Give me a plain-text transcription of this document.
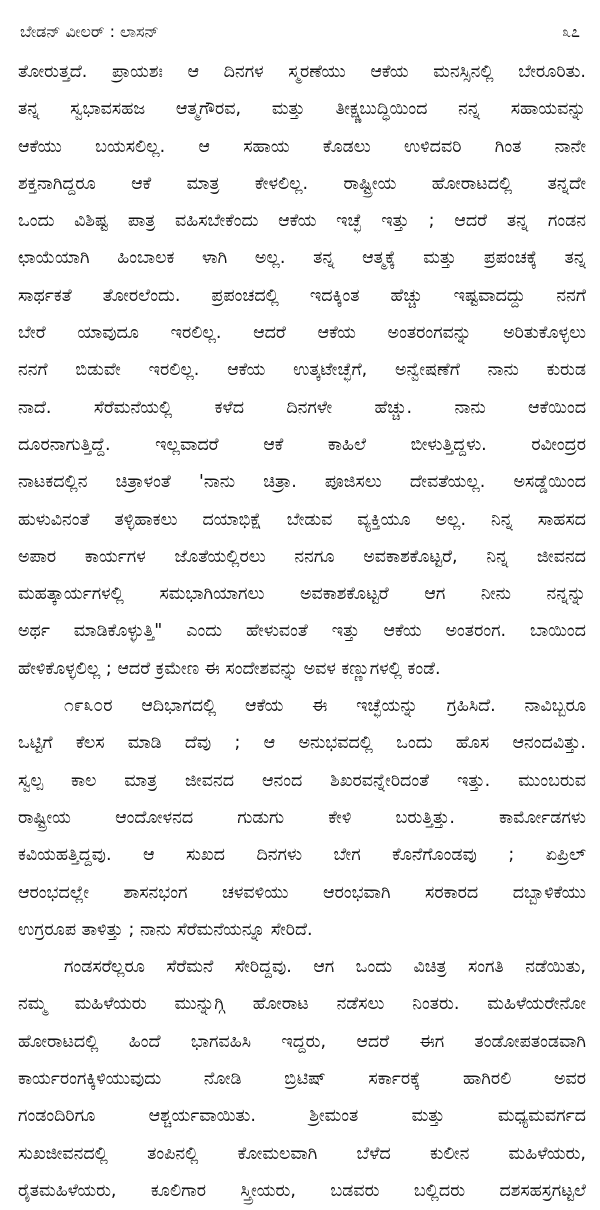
ಬೇಡನ್ ವೀಲರ್ : ಲಾಸನ್	೩೭
ತೋರುತ್ತದೆ. ಪ್ರಾಯಶಃ ಆ ದಿನಗಳ ಸ್ಮರಣೆಯು ಆಕೆಯ ಮನಸ್ಸಿನಲ್ಲಿ ಬೇರೂರಿತು.
ತನ್ನ ಸ್ವಭಾವಸಹಜ ಆತ್ಮಗೌರವ, ಮತ್ತು ತೀಕ್ಷ್ಣಬುದ್ಧಿಯಿಂದ ನನ್ನ ಸಹಾಯವನ್ನು
ಆಕೆಯು ಬಯಸಲಿಲ್ಲ. ಆ ಸಹಾಯ ಕೊಡಲು ಉಳಿದವರಿ ಗಿಂತ ನಾನೇ
ಶಕ್ತನಾಗಿದ್ದರೂ ಆಕೆ ಮಾತ್ರ ಕೇಳಲಿಲ್ಲ. ರಾಷ್ಟ್ರೀಯ ಹೋರಾಟದಲ್ಲಿ ತನ್ನದೇ
ಒಂದು ವಿಶಿಷ್ಟ ಪಾತ್ರ ವಹಿಸಬೇಕೆಂದು ಆಕೆಯ ಇಚ್ಛೆ ಇತ್ತು ; ಆದರೆ ತನ್ನ ಗಂಡನ
ಛಾಯೆಯಾಗಿ ಹಿಂಬಾಲಕ ಳಾಗಿ ಅಲ್ಲ. ತನ್ನ ಆತ್ಮಕ್ಕೆ ಮತ್ತು ಪ್ರಪಂಚಕ್ಕೆ ತನ್ನ
ಸಾರ್ಥಕತೆ ತೋರಲೆಂದು. ಪ್ರಪಂಚದಲ್ಲಿ ಇದಕ್ಕಿಂತ ಹೆಚ್ಚು ಇಷ್ಟವಾದದ್ದು ನನಗೆ
ಬೇರೆ ಯಾವುದೂ ಇರಲಿಲ್ಲ. ಆದರೆ ಆಕೆಯ ಅಂತರಂಗವನ್ನು ಅರಿತುಕೊಳ್ಳಲು
ನನಗೆ ಬಿಡುವೇ ಇರಲಿಲ್ಲ. ಆಕೆಯ ಉತ್ಕಟೇಚ್ಛೆಗೆ, ಅನ್ವೇಷಣೆಗೆ ನಾನು ಕುರುಡ
ನಾದೆ. ಸೆರೆಮನೆಯಲ್ಲಿ ಕಳೆದ ದಿನಗಳೇ ಹೆಚ್ಚು. ನಾನು ಆಕೆಯಿಂದ
ದೂರನಾಗುತ್ತಿದ್ದೆ. ಇಲ್ಲವಾದರೆ ಆಕೆ ಕಾಹಿಲೆ ಬೀಳುತ್ತಿದ್ದಳು. ರವೀಂದ್ರರ
ನಾಟಕದಲ್ಲಿನ ಚಿತ್ರಾಳಂತೆ 'ನಾನು ಚಿತ್ರಾ. ಪೂಜಿಸಲು ದೇವತೆಯಲ್ಲ. ಅಸಡ್ಡೆಯಿಂದ
ಹುಳುವಿನಂತೆ ತಳ್ಳಿಹಾಕಲು ದಯಾಭಿಕ್ಷೆ ಬೇಡುವ ವ್ಯಕ್ತಿಯೂ ಅಲ್ಲ. ನಿನ್ನ ಸಾಹಸದ
ಅಪಾರ ಕಾರ್ಯಗಳ ಜೊತೆಯಲ್ಲಿರಲು ನನಗೂ ಅವಕಾಶಕೊಟ್ಟರೆ, ನಿನ್ನ ಜೀವನದ
ಮಹತ್ಕಾರ್ಯಗಳಲ್ಲಿ ಸಮಭಾಗಿಯಾಗಲು ಅವಕಾಶಕೊಟ್ಟರೆ ಆಗ ನೀನು ನನ್ನನ್ನು
ಅರ್ಥ ಮಾಡಿಕೊಳ್ಳುತ್ತಿ" ಎಂದು ಹೇಳುವಂತೆ ಇತ್ತು ಆಕೆಯ ಅಂತರಂಗ. ಬಾಯಿಂದ
ಹೇಳಿಕೊಳ್ಳಲಿಲ್ಲ ; ಆದರೆ ಕ್ರಮೇಣ ಈ ಸಂದೇಶವನ್ನು ಅವಳ ಕಣ್ಣುಗಳಲ್ಲಿ ಕಂಡೆ.
೧೯೩೦ರ ಆದಿಭಾಗದಲ್ಲಿ ಆಕೆಯ ಈ ಇಚ್ಛೆಯನ್ನು ಗ್ರಹಿಸಿದೆ. ನಾವಿಬ್ಬರೂ
ಒಟ್ಟಿಗೆ ಕೆಲಸ ಮಾಡಿ ದೆವು ; ಆ ಅನುಭವದಲ್ಲಿ ಒಂದು ಹೊಸ ಆನಂದವಿತ್ತು.
ಸ್ವಲ್ಪ ಕಾಲ ಮಾತ್ರ ಜೀವನದ ಆನಂದ ಶಿಖರವನ್ನೇರಿದಂತೆ ಇತ್ತು. ಮುಂಬರುವ
ರಾಷ್ಟ್ರೀಯ ಆಂದೋಳನದ ಗುಡುಗು ಕೇಳಿ ಬರುತ್ತಿತ್ತು. ಕಾರ್ಮೋಡಗಳು
ಕವಿಯಹತ್ತಿದ್ದವು. ಆ ಸುಖದ ದಿನಗಳು ಬೇಗ ಕೊನೆಗೊಂಡವು ; ಏಪ್ರಿಲ್
ಆರಂಭದಲ್ಲೇ ಶಾಸನಭಂಗ ಚಳವಳಿಯು ಆರಂಭವಾಗಿ ಸರಕಾರದ ದಬ್ಬಾಳಿಕೆಯು
ಉಗ್ರರೂಪ ತಾಳಿತ್ತು ; ನಾನು ಸೆರೆಮನೆಯನ್ನೂ ಸೇರಿದೆ.
ಗಂಡಸರೆಲ್ಲರೂ ಸೆರೆಮನೆ ಸೇರಿದ್ದವು. ಆಗ ಒಂದು ವಿಚಿತ್ರ ಸಂಗತಿ ನಡೆಯಿತು,
ನಮ್ಮ ಮಹಿಳೆಯರು ಮುನ್ನುಗ್ಗಿ ಹೋರಾಟ ನಡೆಸಲು ನಿಂತರು. ಮಹಿಳೆಯರೇನೋ
ಹೋರಾಟದಲ್ಲಿ ಹಿಂದೆ ಭಾಗವಹಿಸಿ ಇದ್ದರು, ಆದರೆ ಈಗ ತಂಡೋಪತಂಡವಾಗಿ
ಕಾರ್ಯರಂಗಕ್ಕಿಳಿಯುವುದು ನೋಡಿ ಬ್ರಿಟಿಷ್ ಸರ್ಕಾರಕ್ಕೆ ಹಾಗಿರಲಿ ಅವರ
ಗಂಡಂದಿರಿಗೂ ಆಶ್ಚರ್ಯವಾಯಿತು. ಶ್ರೀಮಂತ ಮತ್ತು ಮಧ್ಯಮವರ್ಗದ
ಸುಖಜೀವನದಲ್ಲಿ ತಂಪಿನಲ್ಲಿ ಕೋಮಲವಾಗಿ ಬೆಳೆದ ಕುಲೀನ ಮಹಿಳೆಯರು,
ರೈತಮಹಿಳೆಯರು, ಕೂಲಿಗಾರ ಸ್ತ್ರೀಯರು, ಬಡವರು ಬಲ್ಲಿದರು ದಶಸಹಸ್ರಗಟ್ಟಲೆ
